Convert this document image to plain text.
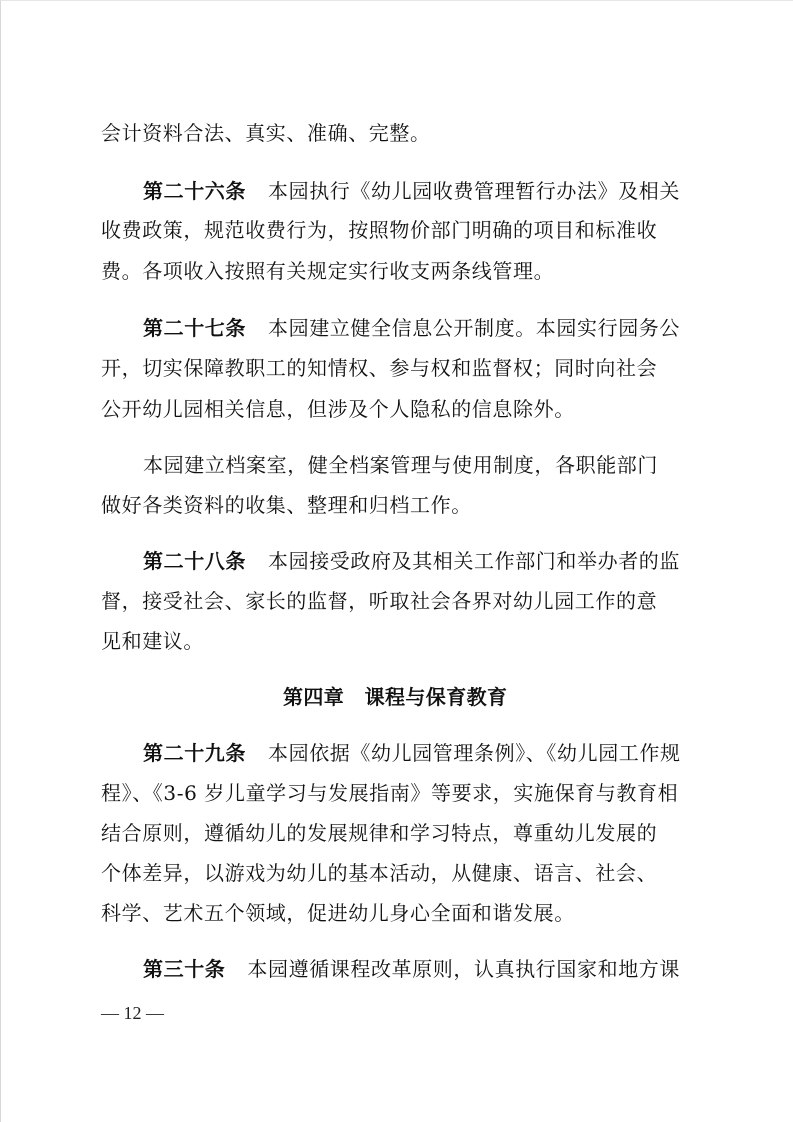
会计资料合法、真实、准确、完整。
第二十六条 本园执行《幼儿园收费管理暂行办法》及相关
收费政策，规范收费行为，按照物价部门明确的项目和标准收
费。各项收入按照有关规定实行收支两条线管理。
第二十七条 本园建立健全信息公开制度。本园实行园务公
开，切实保障教职工的知情权、参与权和监督权；同时向社会
公开幼儿园相关信息，但涉及个人隐私的信息除外。
本园建立档案室，健全档案管理与使用制度，各职能部门
做好各类资料的收集、整理和归档工作。
第二十八条 本园接受政府及其相关工作部门和举办者的监
督，接受社会、家长的监督，听取社会各界对幼儿园工作的意
见和建议。
第四章　课程与保育教育
第二十九条 本园依据《幼儿园管理条例》、《幼儿园工作规
程》、《3-6 岁儿童学习与发展指南》等要求，实施保育与教育相
结合原则，遵循幼儿的发展规律和学习特点，尊重幼儿发展的
个体差异，以游戏为幼儿的基本活动，从健康、语言、社会、
科学、艺术五个领域，促进幼儿身心全面和谐发展。
第三十条 本园遵循课程改革原则，认真执行国家和地方课
— 12 —
